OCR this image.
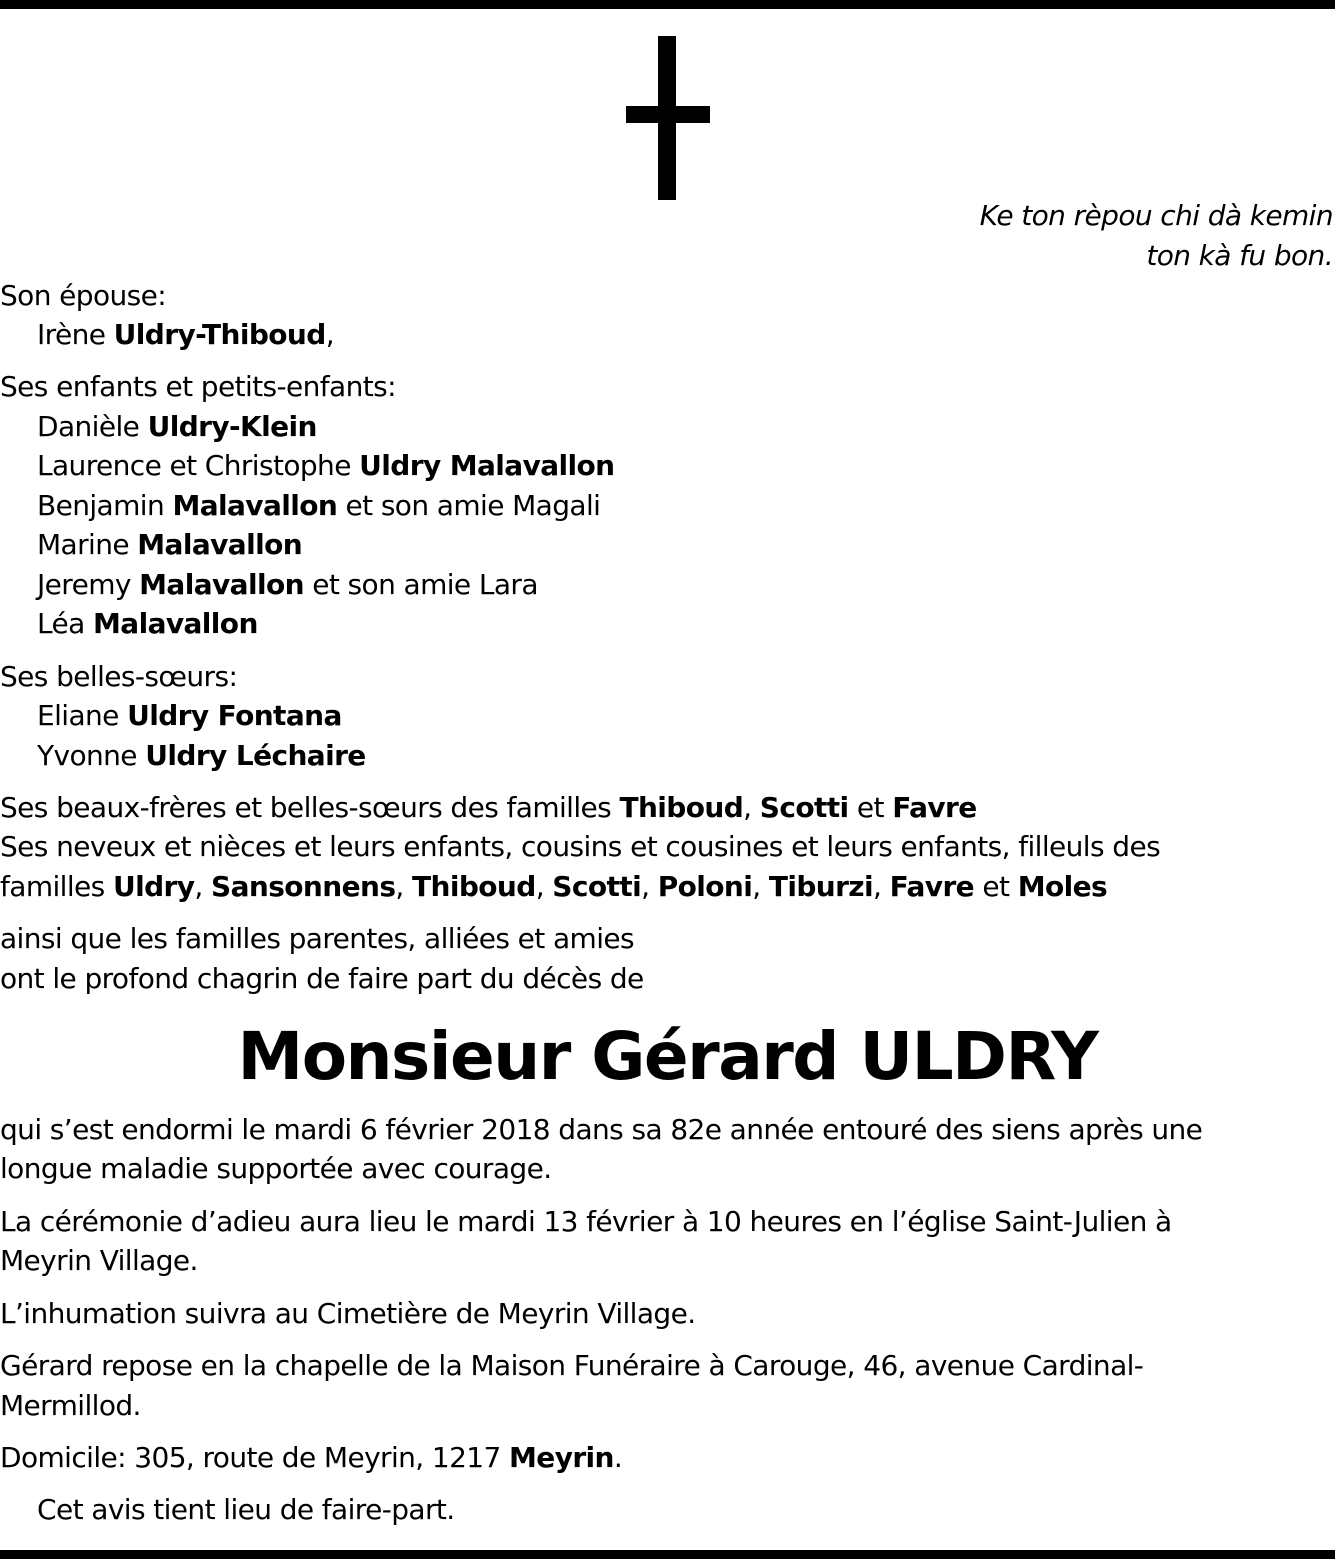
Ke ton rèpou chi dà kemin
ton kà fu bon.
Son épouse:
Irène Uldry-Thiboud,
Ses enfants et petits-enfants:
Danièle Uldry-Klein
Laurence et Christophe Uldry Malavallon
Benjamin Malavallon et son amie Magali
Marine Malavallon
Jeremy Malavallon et son amie Lara
Léa Malavallon
Ses belles-sœurs:
Eliane Uldry Fontana
Yvonne Uldry Léchaire
Ses beaux-frères et belles-sœurs des familles Thiboud, Scotti et Favre
Ses neveux et nièces et leurs enfants, cousins et cousines et leurs enfants, filleuls des
familles Uldry, Sansonnens, Thiboud, Scotti, Poloni, Tiburzi, Favre et Moles
ainsi que les familles parentes, alliées et amies
ont le profond chagrin de faire part du décès de
Monsieur Gérard ULDRY
qui s’est endormi le mardi 6 février 2018 dans sa 82e année entouré des siens après une
longue maladie supportée avec courage.
La cérémonie d’adieu aura lieu le mardi 13 février à 10 heures en l’église Saint-Julien à
Meyrin Village.
L’inhumation suivra au Cimetière de Meyrin Village.
Gérard repose en la chapelle de la Maison Funéraire à Carouge, 46, avenue Cardinal-
Mermillod.
Domicile: 305, route de Meyrin, 1217 Meyrin.
Cet avis tient lieu de faire-part.
